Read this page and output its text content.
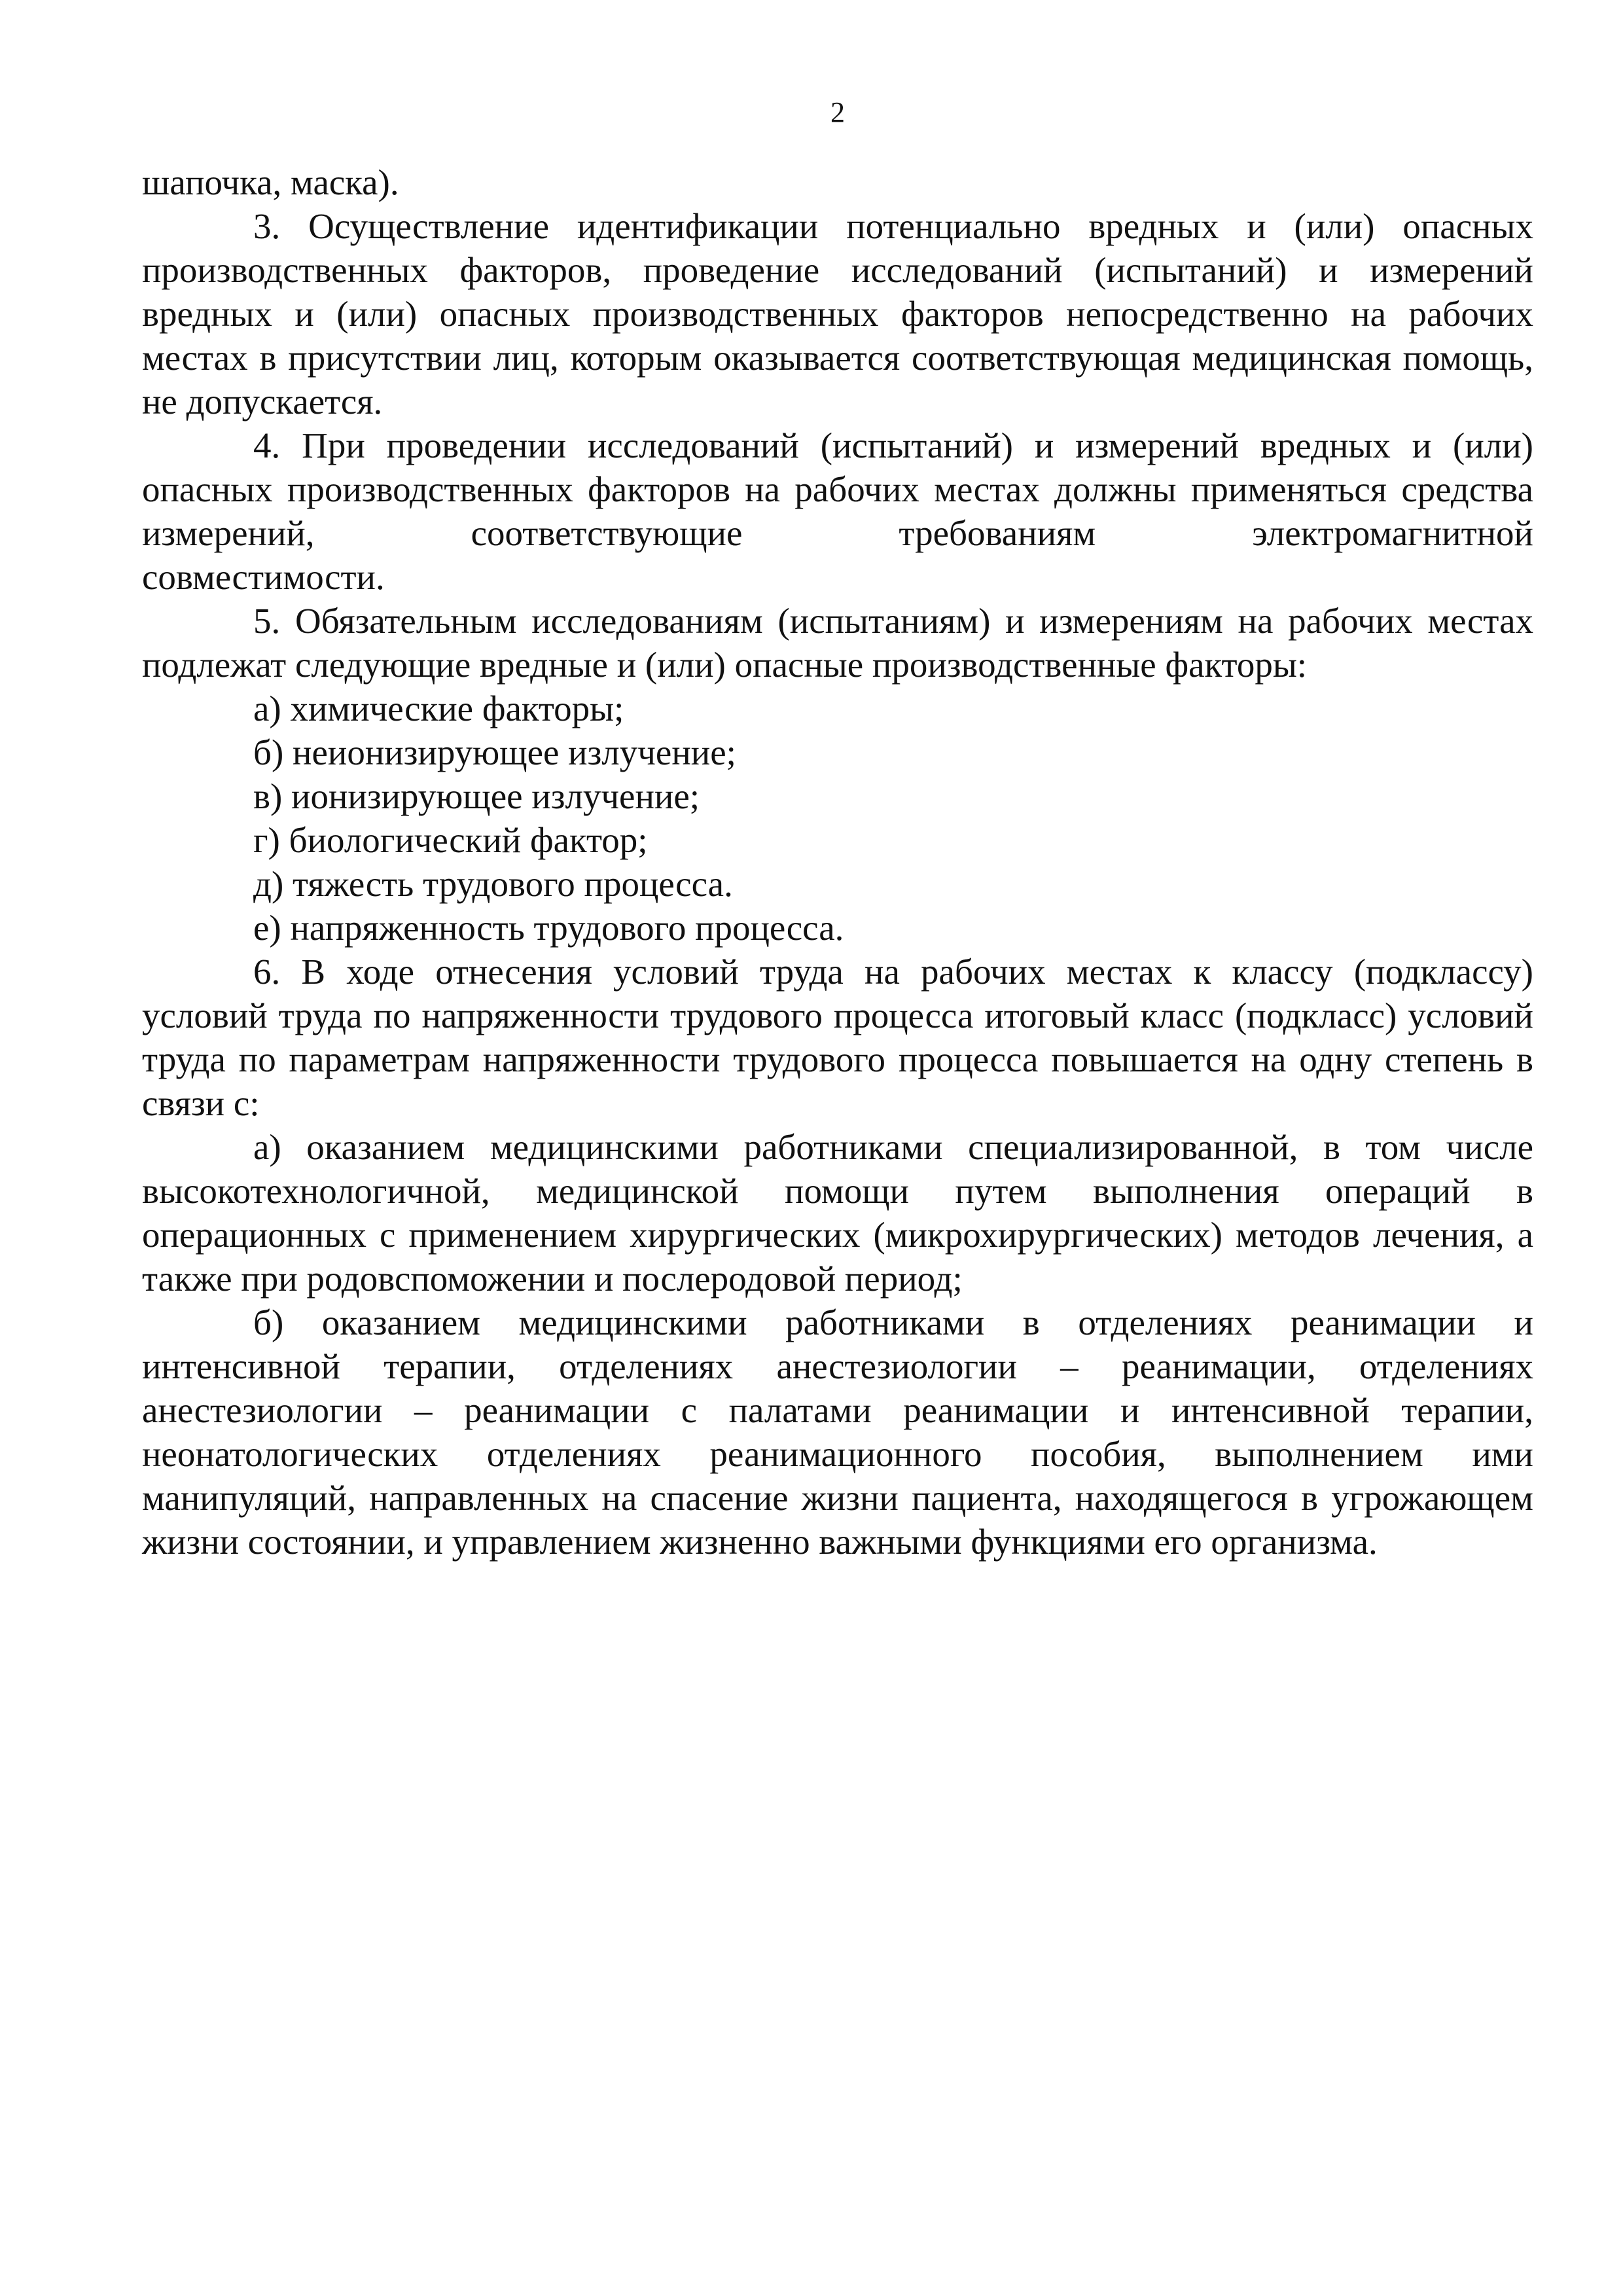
2

шапочка, маска).

3. Осуществление идентификации потенциально вредных и (или) опасных производственных факторов, проведение исследований (испытаний) и измерений вредных и (или) опасных производственных факторов непосредственно на рабочих местах в присутствии лиц, которым оказывается соответствующая медицинская помощь, не допускается.

4. При проведении исследований (испытаний) и измерений вредных и (или) опасных производственных факторов на рабочих местах должны применяться средства измерений, соответствующие требованиям электромагнитной

совместимости.

5. Обязательным исследованиям (испытаниям) и измерениям на рабочих местах подлежат следующие вредные и (или) опасные производственные факторы:

а) химические факторы;

б) неионизирующее излучение;

в) ионизирующее излучение;

г) биологический фактор;

д) тяжесть трудового процесса.

е) напряженность трудового процесса.

6. В ходе отнесения условий труда на рабочих местах к классу (подклассу) условий труда по напряженности трудового процесса итоговый класс (подкласс) условий труда по параметрам напряженности трудового процесса повышается на одну степень в связи с:

а) оказанием медицинскими работниками специализированной, в том числе высокотехнологичной, медицинской помощи путем выполнения операций в операционных с применением хирургических (микрохирургических) методов лечения, а также при родовспоможении и послеродовой период;

б) оказанием медицинскими работниками в отделениях реанимации и интенсивной терапии, отделениях анестезиологии – реанимации, отделениях анестезиологии – реанимации с палатами реанимации и интенсивной терапии, неонатологических отделениях реанимационного пособия, выполнением ими манипуляций, направленных на спасение жизни пациента, находящегося в угрожающем жизни состоянии, и управлением жизненно важными функциями его организма.
